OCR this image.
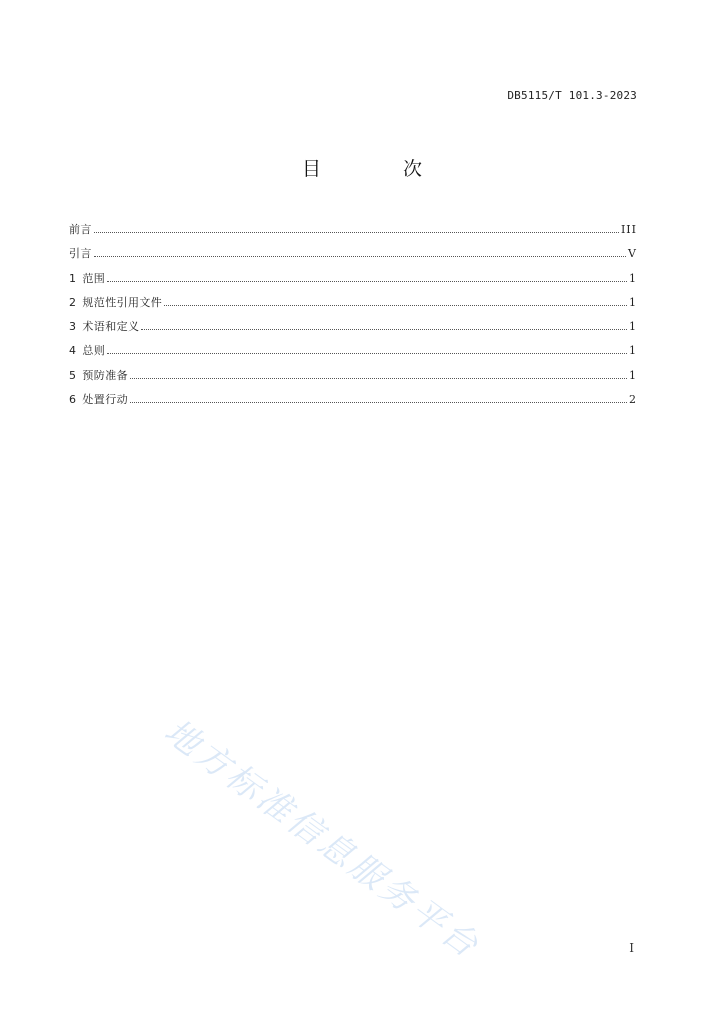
DB5115/T 101.3-2023
目 次
前言	III
引言	V
1 范围	1
2 规范性引用文件	1
3 术语和定义	1
4 总则	1
5 预防准备	1
6 处置行动	2
地方标准信息服务平台	I
